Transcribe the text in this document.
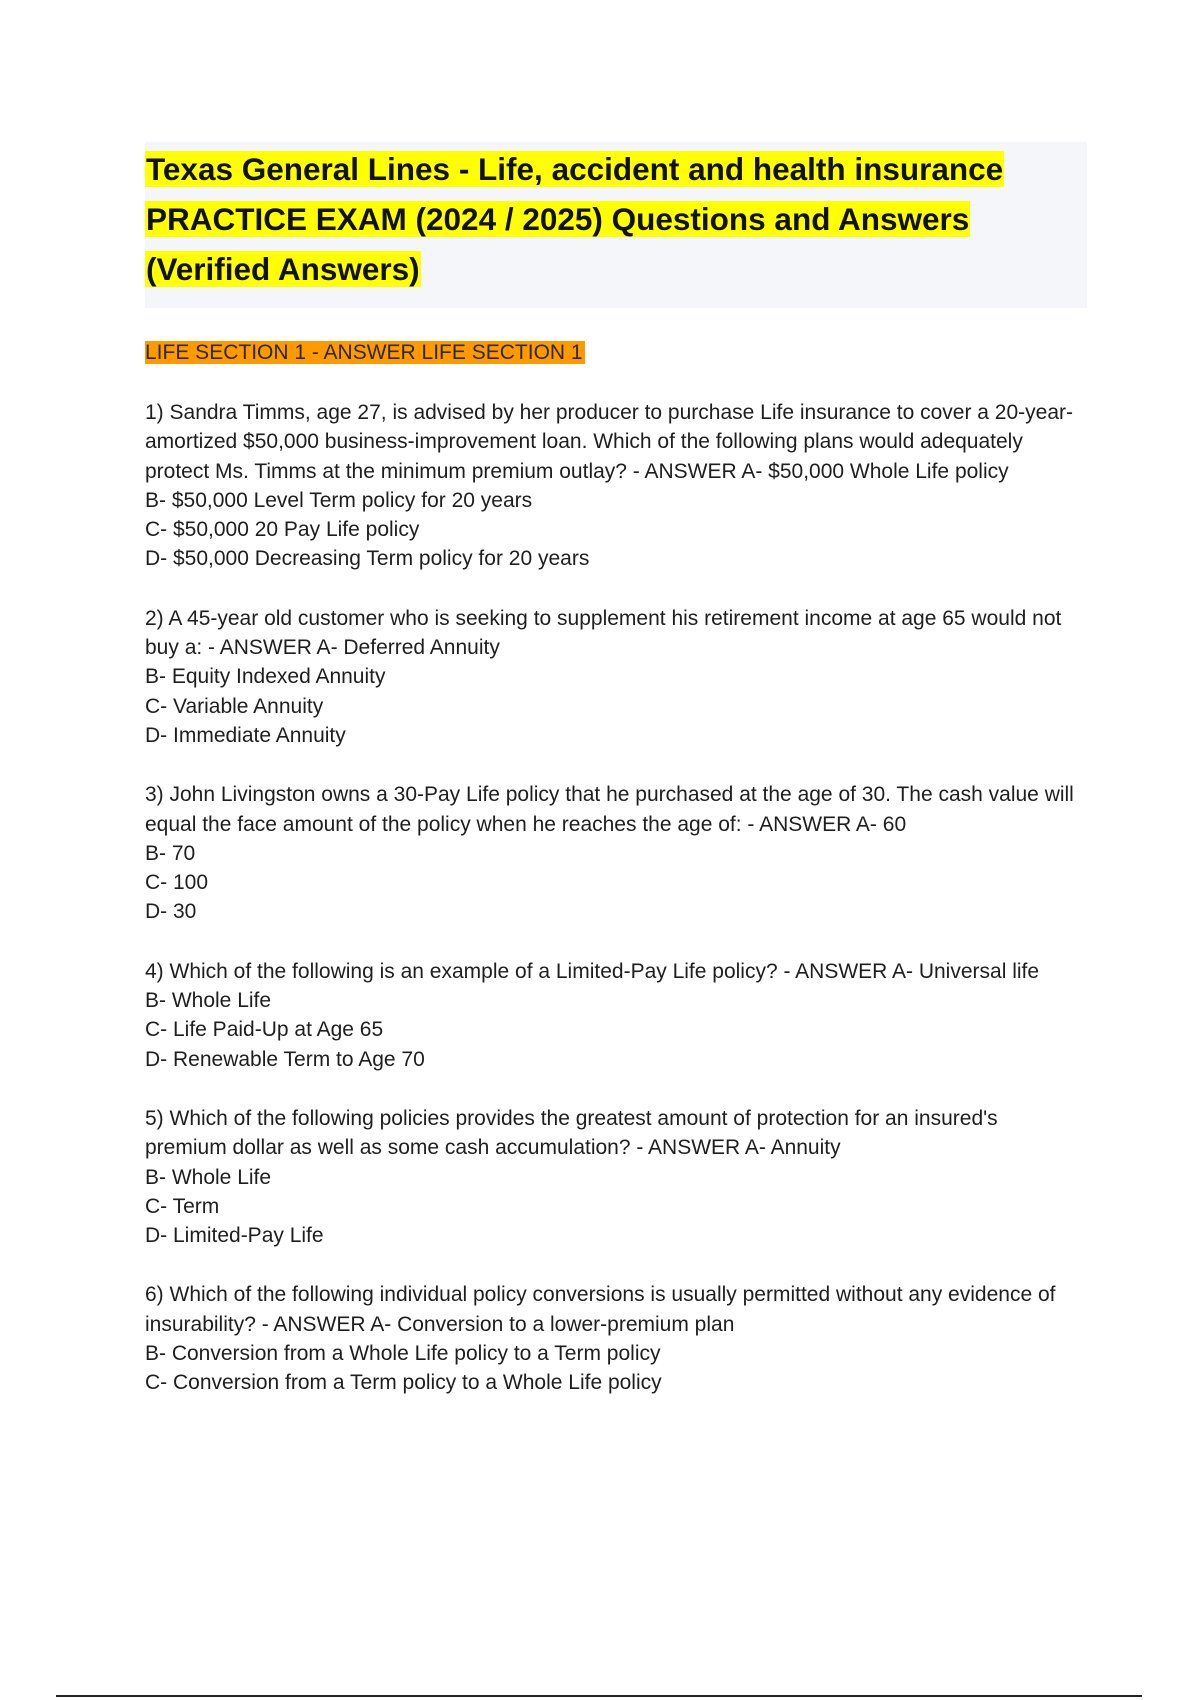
Texas General Lines - Life, accident and health insurance PRACTICE EXAM (2024 / 2025) Questions and Answers (Verified Answers)
LIFE SECTION 1 - ANSWER LIFE SECTION 1

1) Sandra Timms, age 27, is advised by her producer to purchase Life insurance to cover a 20-year-amortized $50,000 business-improvement loan. Which of the following plans would adequately protect Ms. Timms at the minimum premium outlay? - ANSWER A- $50,000 Whole Life policy

B- $50,000 Level Term policy for 20 years

C- $50,000 20 Pay Life policy

D- $50,000 Decreasing Term policy for 20 years

2) A 45-year old customer who is seeking to supplement his retirement income at age 65 would not buy a: - ANSWER A- Deferred Annuity

B- Equity Indexed Annuity

C- Variable Annuity

D- Immediate Annuity

3) John Livingston owns a 30-Pay Life policy that he purchased at the age of 30. The cash value will equal the face amount of the policy when he reaches the age of: - ANSWER A- 60

B- 70

C- 100

D- 30

4) Which of the following is an example of a Limited-Pay Life policy? - ANSWER A- Universal life

B- Whole Life

C- Life Paid-Up at Age 65

D- Renewable Term to Age 70

5) Which of the following policies provides the greatest amount of protection for an insured's premium dollar as well as some cash accumulation? - ANSWER A- Annuity

B- Whole Life

C- Term

D- Limited-Pay Life

6) Which of the following individual policy conversions is usually permitted without any evidence of insurability? - ANSWER A- Conversion to a lower-premium plan

B- Conversion from a Whole Life policy to a Term policy

C- Conversion from a Term policy to a Whole Life policy
